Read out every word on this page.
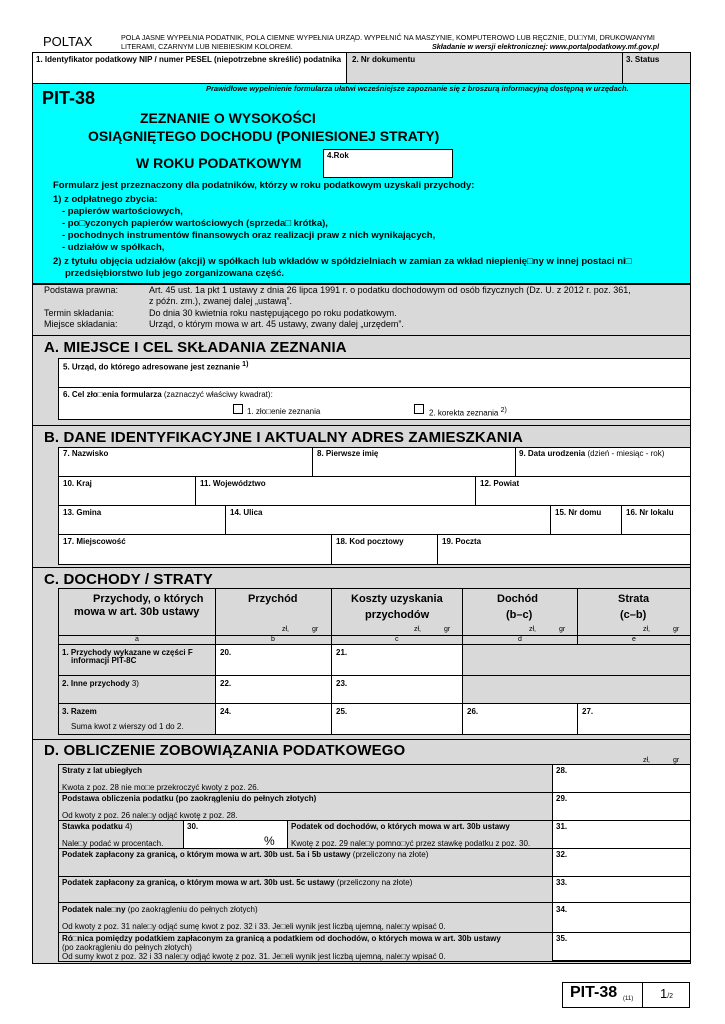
POLTAX	POLA JASNE WYPEŁNIA PODATNIK, POLA CIEMNE WYPEŁNIA URZĄD. WYPEŁNIĆ NA MASZYNIE, KOMPUTEROWO LUB RĘCZNIE, DU□YMI, DRUKOWANYMI
LITERAMI, CZARNYM LUB NIEBIESKIM KOLOREM.	Składanie w wersji elektronicznej: www.portalpodatkowy.mf.gov.pl
1. Identyfikator podatkowy NIP / numer PESEL (niepotrzebne skreślić) podatnika 2. Nr dokumentu	3. Status
PIT-38	Prawidłowe wypełnienie formularza ułatwi wcześniejsze zapoznanie się z broszurą informacyjną dostępną w urzędach.
ZEZNANIE O WYSOKOŚCI
OSIĄGNIĘTEGO DOCHODU (PONIESIONEJ STRATY)
W ROKU PODATKOWYM	4.Rok
Formularz jest przeznaczony dla podatników, którzy w roku podatkowym uzyskali przychody:
1) z odpłatnego zbycia:
- papierów wartościowych,
- po□yczonych papierów wartościowych (sprzeda□ krótka),
- pochodnych instrumentów finansowych oraz realizacji praw z nich wynikających,
- udziałów w spółkach,
2) z tytułu objęcia udziałów (akcji) w spółkach lub wkładów w spółdzielniach w zamian za wkład niepienię□ny w innej postaci ni□
przedsiębiorstwo lub jego zorganizowana część.
Podstawa prawna:	Art. 45 ust. 1a pkt 1 ustawy z dnia 26 lipca 1991 r. o podatku dochodowym od osób fizycznych (Dz. U. z 2012 r. poz. 361,
z późn. zm.), zwanej dalej „ustawą”.
Termin składania:	Do dnia 30 kwietnia roku następującego po roku podatkowym.
Miejsce składania:	Urząd, o którym mowa w art. 45 ustawy, zwany dalej „urzędem”.
A. MIEJSCE I CEL SKŁADANIA ZEZNANIA
5. Urząd, do którego adresowane jest zeznanie $^{1)}$
6. Cel zło□enia formularza (zaznaczyć właściwy kwadrat):
1. zło□enie zeznania	2. korekta zeznania $^{2)}$
B. DANE IDENTYFIKACYJNE I AKTUALNY ADRES ZAMIESZKANIA
7. Nazwisko	8. Pierwsze imię	9. Data urodzenia (dzień - miesiąc - rok)
10. Kraj	11. Województwo	12. Powiat
13. Gmina	14. Ulica	15. Nr domu	16. Nr lokalu
17. Miejscowość	18. Kod pocztowy	19. Poczta
C. DOCHODY / STRATY
Przychody, o których
mowa w art. 30b ustawy
Przychód	Koszty uzyskania
przychodów
Dochód
(b–c)
Strata
(c–b)
zł,	gr	zł,	gr	zł,	gr	zł,	gr
a	b	c	d	e
1. Przychody wykazane w części F
informacji PIT-8C
20.	21.
2. Inne przychody 3)	22.	23.
3. Razem
Suma kwot z wierszy od 1 do 2.
24.	25.	26.	27.
D. OBLICZENIE ZOBOWIĄZANIA PODATKOWEGO
zł,	gr
Straty z lat ubiegłych
Kwota z poz. 28 nie mo□e przekroczyć kwoty z poz. 26.
28.
Podstawa obliczenia podatku (po zaokrągleniu do pełnych złotych)
Od kwoty z poz. 26 nale□y odjąć kwotę z poz. 28.
29.
Stawka podatku 4)
Nale□y podać w procentach.
30.
%
Podatek od dochodów, o których mowa w art. 30b ustawy
Kwotę z poz. 29 nale□y pomno□yć przez stawkę podatku z poz. 30.
31.
Podatek zapłacony za granicą, o którym mowa w art. 30b ust. 5a i 5b ustawy (przeliczony na złote)	32.
Podatek zapłacony za granicą, o którym mowa w art. 30b ust. 5c ustawy (przeliczony na złote)	33.
Podatek nale□ny (po zaokrągleniu do pełnych złotych)
Od kwoty z poz. 31 nale□y odjąć sumę kwot z poz. 32 i 33. Je□eli wynik jest liczbą ujemną, nale□y wpisać 0.
34.
Ró□nica pomiędzy podatkiem zapłaconym za granicą a podatkiem od dochodów, o których mowa w art. 30b ustawy
(po zaokrągleniu do pełnych złotych)
Od sumy kwot z poz. 32 i 33 nale□y odjąć kwotę z poz. 31. Je□eli wynik jest liczbą ujemną, nale□y wpisać 0.
35.
PIT-38 (11) 1/2
